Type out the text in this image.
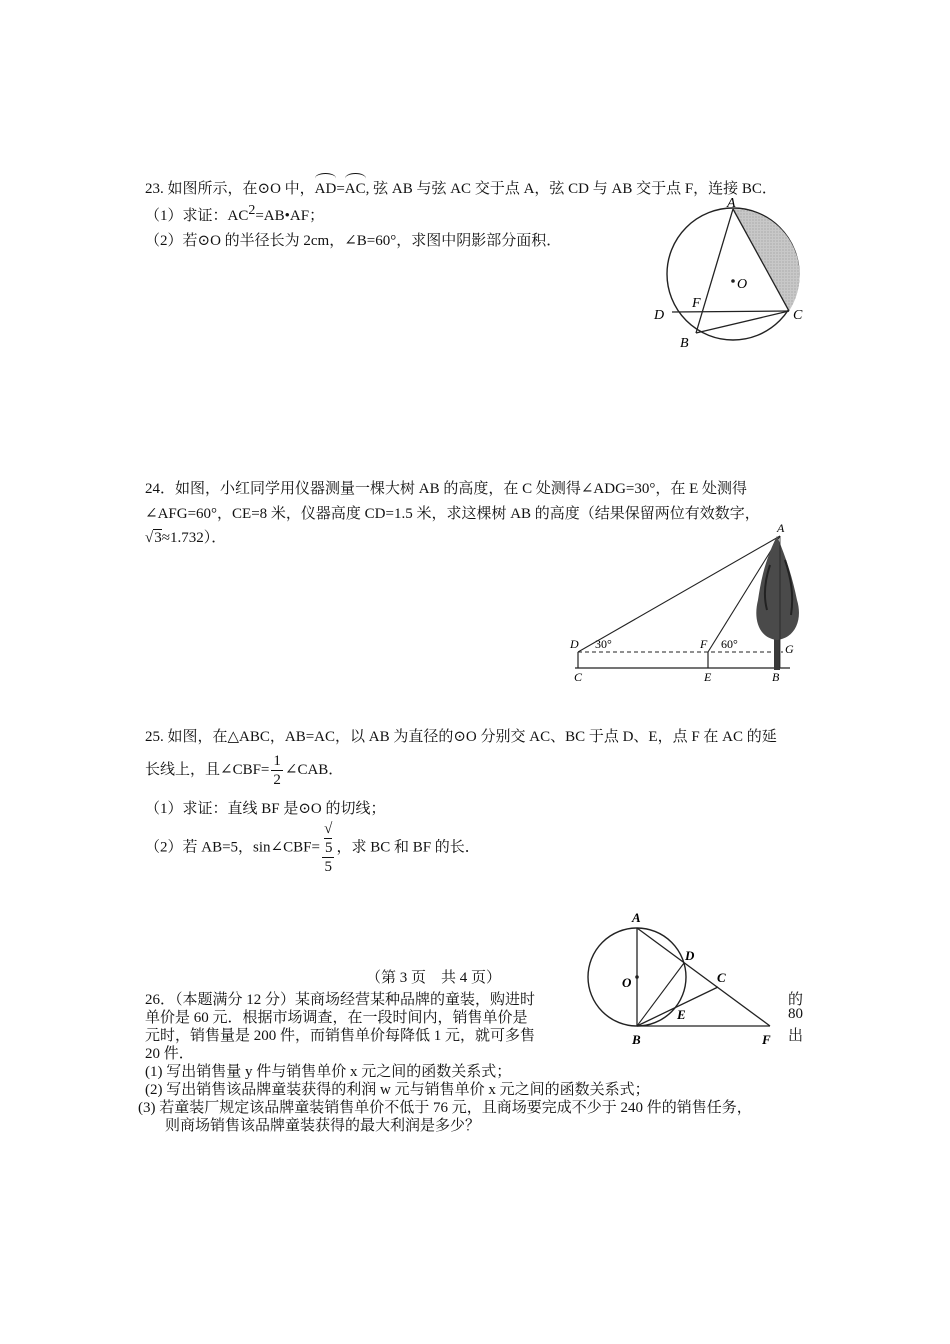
23. 如图所示，在⊙O 中，AD=AC, 弦 AB 与弦 AC 交于点 A，弦 CD 与 AB 交于点 F，连接 BC．
（1）求证：$AC^2=AB•AF$；
（2）若⊙O 的半径长为 2cm，∠B=60°，求图中阴影部分面积．
A
O
F
D	C
B
24．如图，小红同学用仪器测量一棵大树 AB 的高度，在 C 处测得∠ADG=30°，在 E 处测得
∠AFG=60°，CE=8 米，仪器高度 CD=1.5 米，求这棵树 AB 的高度（结果保留两位有效数字，
√3≈1.732）．
A
D 30°	F 60°	G
C	E	B
25. 如图，在△ABC，AB=AC，以 AB 为直径的⊙O 分别交 AC、BC 于点 D、E，点 F 在 AC 的延
长线上，且∠CBF= $\frac{1}{2}$ ∠CAB．
（1）求证：直线 BF 是⊙O 的切线；
（2）若 AB=5，sin∠CBF= √
5
5 ，求 BC 和 BF 的长．
A
D
O	C
E
B	F
（第 3 页　共 4 页）
26．（本题满分 12 分）某商场经营某种品牌的童装，购进时	的
单价是 60 元．根据市场调查，在一段时间内，销售单价是	80
元时，销售量是 200 件，而销售单价每降低 1 元，就可多售	出
20 件．
(1) 写出销售量 y 件与销售单价 x 元之间的函数关系式；
(2) 写出销售该品牌童装获得的利润 w 元与销售单价 x 元之间的函数关系式；
(3) 若童装厂规定该品牌童装销售单价不低于 76 元，且商场要完成不少于 240 件的销售任务，
则商场销售该品牌童装获得的最大利润是多少？
